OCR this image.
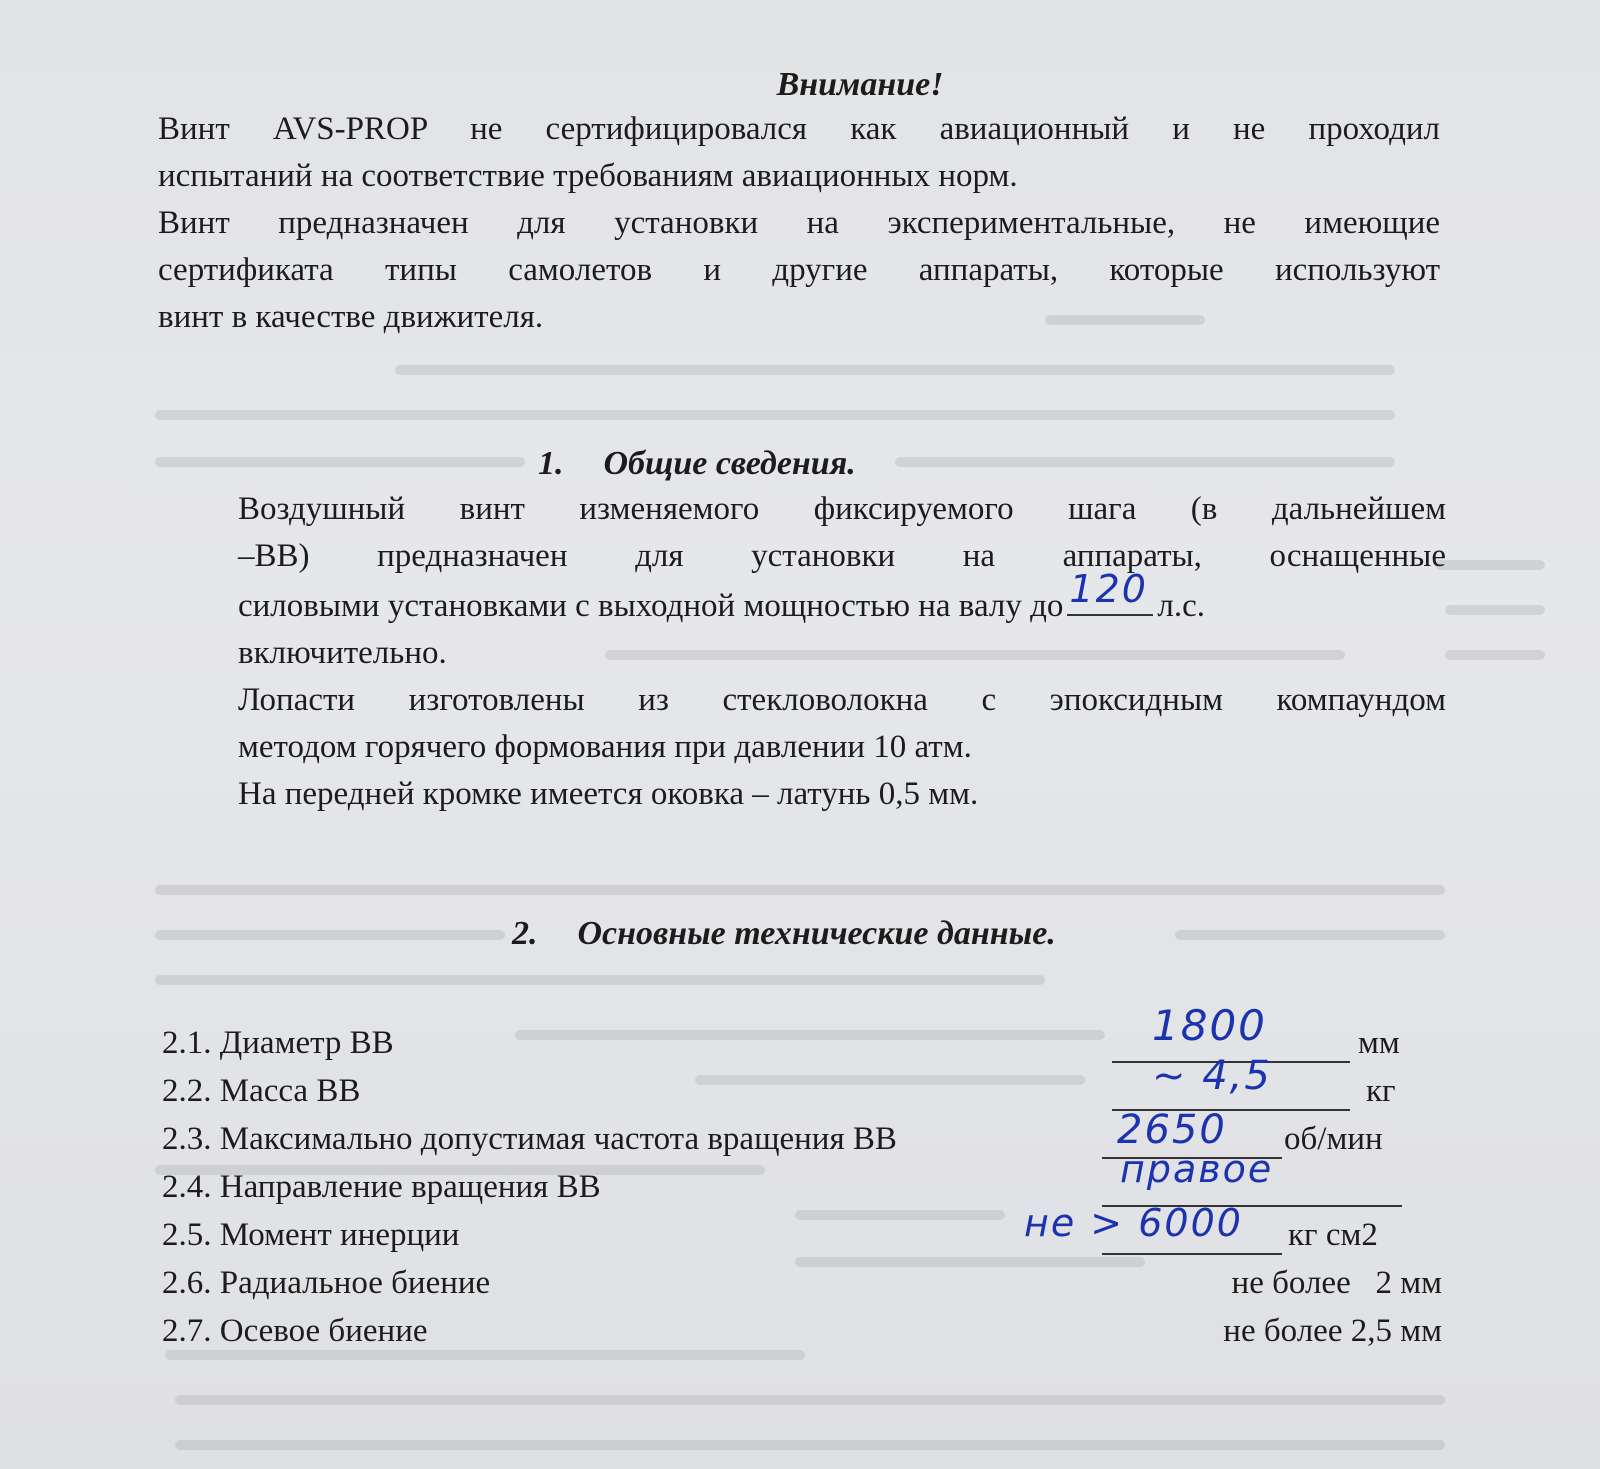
Внимание!
Винт AVS-PROP не сертифицировался как авиационный и не проходил
испытаний на соответствие требованиям авиационных норм.
Винт предназначен для установки на экспериментальные, не имеющие
сертификата типы самолетов и другие аппараты, которые используют
винт в качестве движителя.
1. Общие сведения.
Воздушный винт изменяемого фиксируемого шага (в дальнейшем
–ВВ) предназначен для установки на аппараты, оснащенные
силовыми установками с выходной мощностью на валу до 120 л.с.
включительно.
Лопасти изготовлены из стекловолокна с эпоксидным компаундом
методом горячего формования при давлении 10 атм.
На передней кромке имеется оковка – латунь 0,5 мм.
2. Основные технические данные.
2.1. Диаметр ВВ	1800	мм
2.2. Масса ВВ	~ 4,5	кг
2.3. Максимально допустимая частота вращения ВВ	2650 об/мин
2.4. Направление вращения ВВ	правое
2.5. Момент инерции	не > 6000 кг см2
2.6. Радиальное биение	не более   2 мм
2.7. Осевое биение	не более 2,5 мм
